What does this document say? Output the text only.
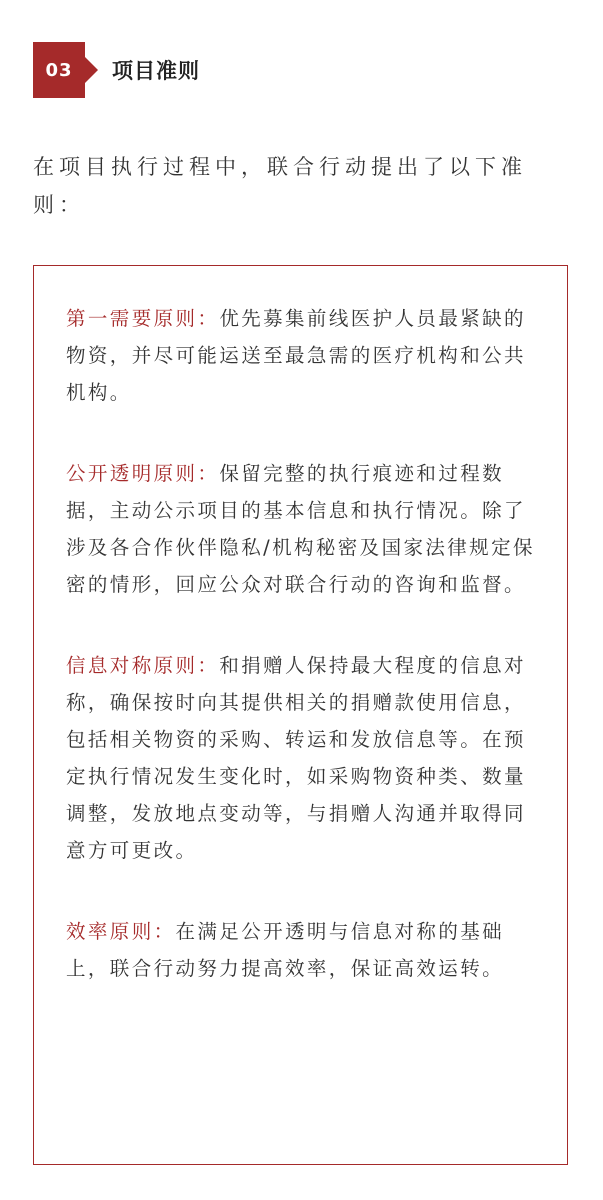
03	项目准则

在项目执行过程中，联合行动提出了以下准则：

第一需要原则：优先募集前线医护人员最紧缺的物资，并尽可能运送至最急需的医疗机构和公共机构。

公开透明原则：保留完整的执行痕迹和过程数据，主动公示项目的基本信息和执行情况。除了涉及各合作伙伴隐私/机构秘密及国家法律规定保密的情形，回应公众对联合行动的咨询和监督。

信息对称原则：和捐赠人保持最大程度的信息对称，确保按时向其提供相关的捐赠款使用信息，包括相关物资的采购、转运和发放信息等。在预定执行情况发生变化时，如采购物资种类、数量调整，发放地点变动等，与捐赠人沟通并取得同意方可更改。

效率原则：在满足公开透明与信息对称的基础上，联合行动努力提高效率，保证高效运转。
